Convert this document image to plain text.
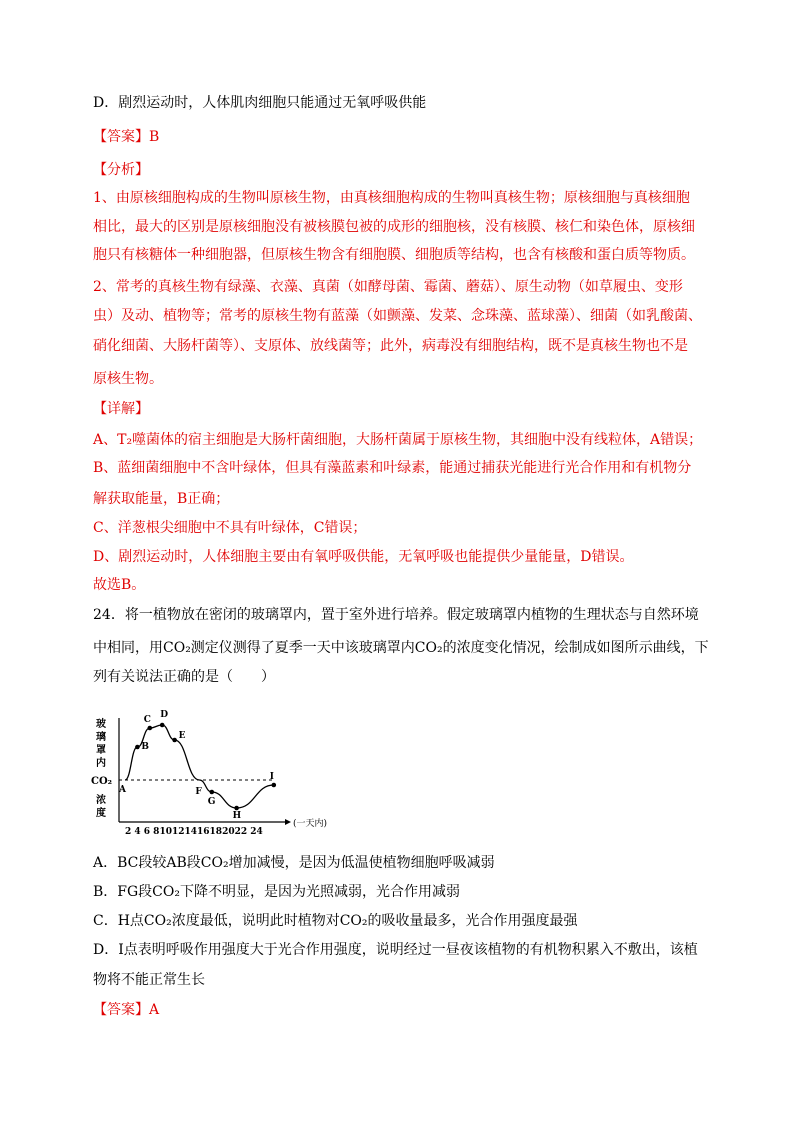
D．剧烈运动时，人体肌肉细胞只能通过无氧呼吸供能
【答案】B
【分析】
1、由原核细胞构成的生物叫原核生物，由真核细胞构成的生物叫真核生物；原核细胞与真核细胞
相比，最大的区别是原核细胞没有被核膜包被的成形的细胞核，没有核膜、核仁和染色体，原核细
胞只有核糖体一种细胞器，但原核生物含有细胞膜、细胞质等结构，也含有核酸和蛋白质等物质。
2、常考的真核生物有绿藻、衣藻、真菌（如酵母菌、霉菌、蘑菇）、原生动物（如草履虫、变形
虫）及动、植物等；常考的原核生物有蓝藻（如颤藻、发菜、念珠藻、蓝球藻）、细菌（如乳酸菌、
硝化细菌、大肠杆菌等）、支原体、放线菌等；此外，病毒没有细胞结构，既不是真核生物也不是
原核生物。
【详解】
A、T₂噬菌体的宿主细胞是大肠杆菌细胞，大肠杆菌属于原核生物，其细胞中没有线粒体，A错误；
B、蓝细菌细胞中不含叶绿体，但具有藻蓝素和叶绿素，能通过捕获光能进行光合作用和有机物分
解获取能量，B正确；
C、洋葱根尖细胞中不具有叶绿体，C错误；
D、剧烈运动时，人体细胞主要由有氧呼吸供能，无氧呼吸也能提供少量能量，D错误。
故选B。
24．将一植物放在密闭的玻璃罩内，置于室外进行培养。假定玻璃罩内植物的生理状态与自然环境
中相同，用CO₂测定仪测得了夏季一天中该玻璃罩内CO₂的浓度变化情况，绘制成如图所示曲线，下
列有关说法正确的是（　　）
玻
璃
罩
内
CO₂
浓
度
A
B
C D
E
F
G
H
I
2 4 6 810121416182022 24
(一天内)
A．BC段较AB段CO₂增加减慢，是因为低温使植物细胞呼吸减弱
B．FG段CO₂下降不明显，是因为光照减弱，光合作用减弱
C．H点CO₂浓度最低，说明此时植物对CO₂的吸收量最多，光合作用强度最强
D．I点表明呼吸作用强度大于光合作用强度，说明经过一昼夜该植物的有机物积累入不敷出，该植
物将不能正常生长
【答案】A
